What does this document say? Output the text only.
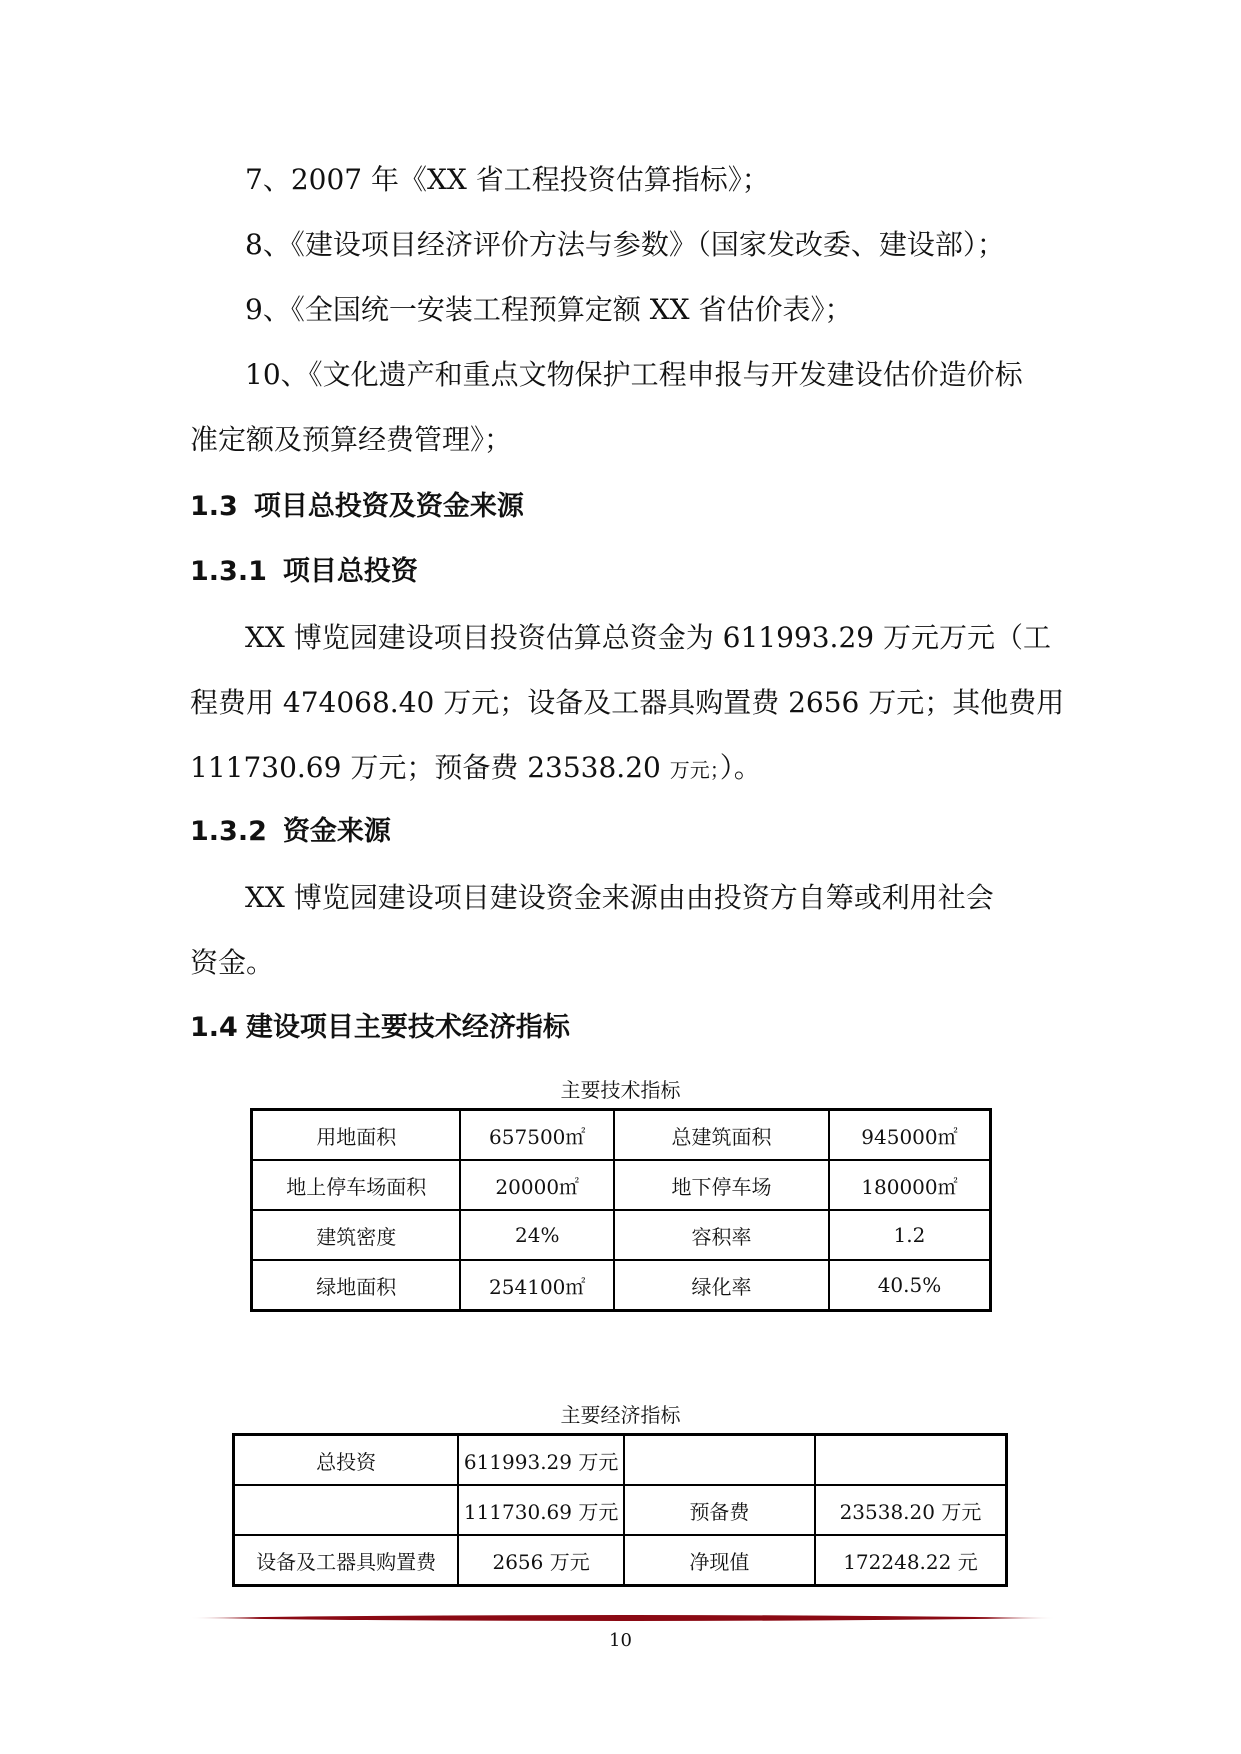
7、2007 年《XX 省工程投资估算指标》；
8、《建设项目经济评价方法与参数》（国家发改委、建设部）；
9、《全国统一安装工程预算定额 XX 省估价表》；
10、《文化遗产和重点文物保护工程申报与开发建设估价造价标
准定额及预算经费管理》；
1.3 项目总投资及资金来源
1.3.1 项目总投资
XX 博览园建设项目投资估算总资金为 611993.29 万元万元（工
程费用 474068.40 万元；设备及工器具购置费 2656 万元；其他费用
111730.69 万元；预备费 23538.20 万元；）。
1.3.2 资金来源
XX 博览园建设项目建设资金来源由由投资方自筹或利用社会
资金。
1.4 建设项目主要技术经济指标
主要技术指标
用地面积	657500㎡	总建筑面积	945000㎡
地上停车场面积	20000㎡	地下停车场	180000㎡
建筑密度	24%	容积率	1.2
绿地面积	254100㎡	绿化率	40.5%
主要经济指标
总投资	611993.29 万元		
	111730.69 万元	预备费	23538.20 万元
设备及工器具购置费	2656 万元	净现值	172248.22 元
10
